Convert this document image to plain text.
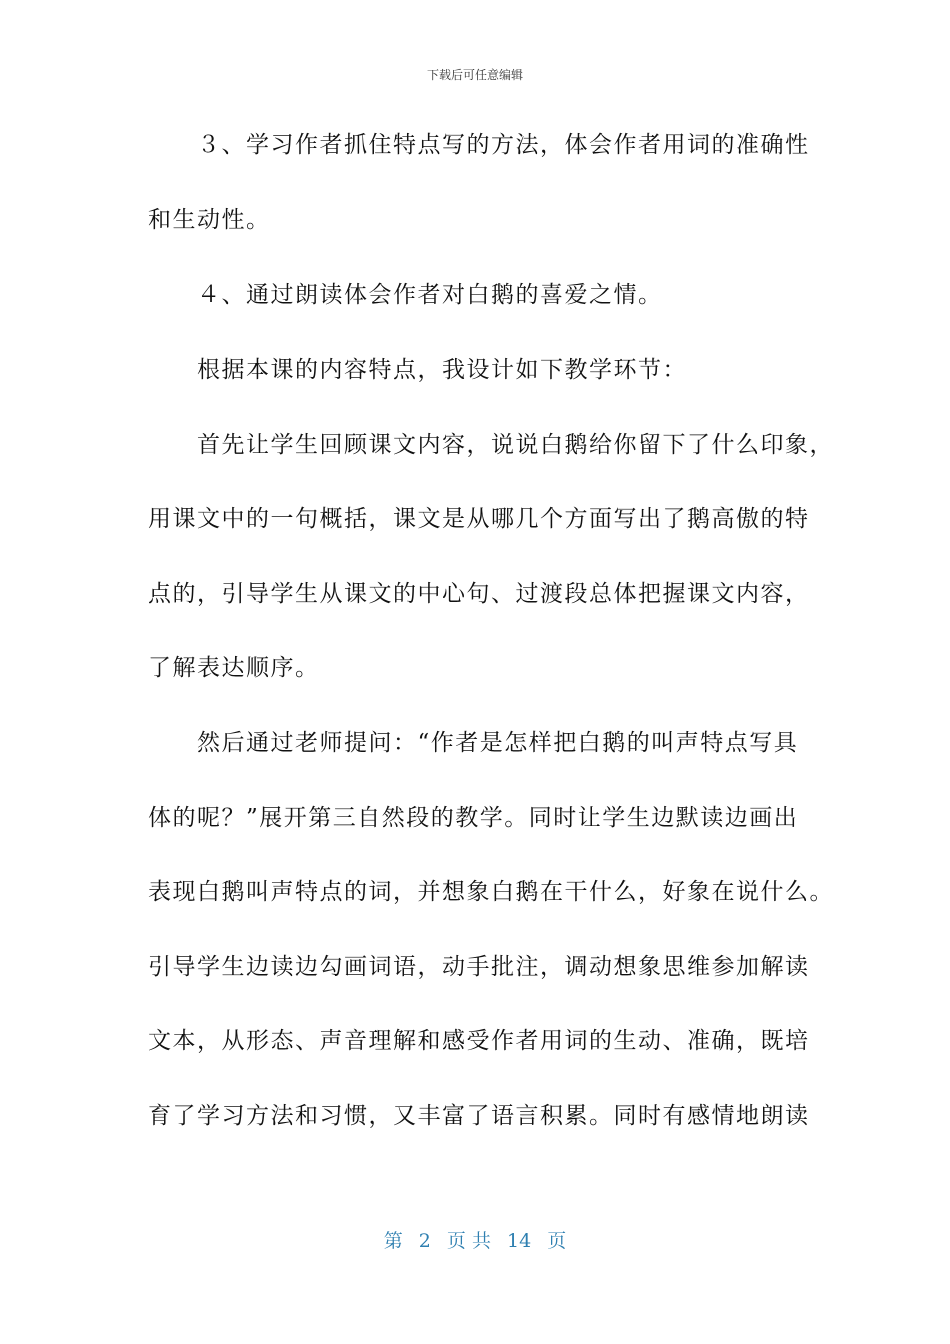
下载后可任意编辑
　　３、学习作者抓住特点写的方法，体会作者用词的准确性
和生动性。
　　４、通过朗读体会作者对白鹅的喜爱之情。
　　根据本课的内容特点，我设计如下教学环节：
　　首先让学生回顾课文内容，说说白鹅给你留下了什么印象，
用课文中的一句概括，课文是从哪几个方面写出了鹅高傲的特
点的，引导学生从课文的中心句、过渡段总体把握课文内容，
了解表达顺序。
　　然后通过老师提问：“作者是怎样把白鹅的叫声特点写具
体的呢？”展开第三自然段的教学。同时让学生边默读边画出
表现白鹅叫声特点的词，并想象白鹅在干什么，好象在说什么。
引导学生边读边勾画词语，动手批注，调动想象思维参加解读
文本，从形态、声音理解和感受作者用词的生动、准确，既培
育了学习方法和习惯，又丰富了语言积累。同时有感情地朗读
第 2 页 共 14 页
